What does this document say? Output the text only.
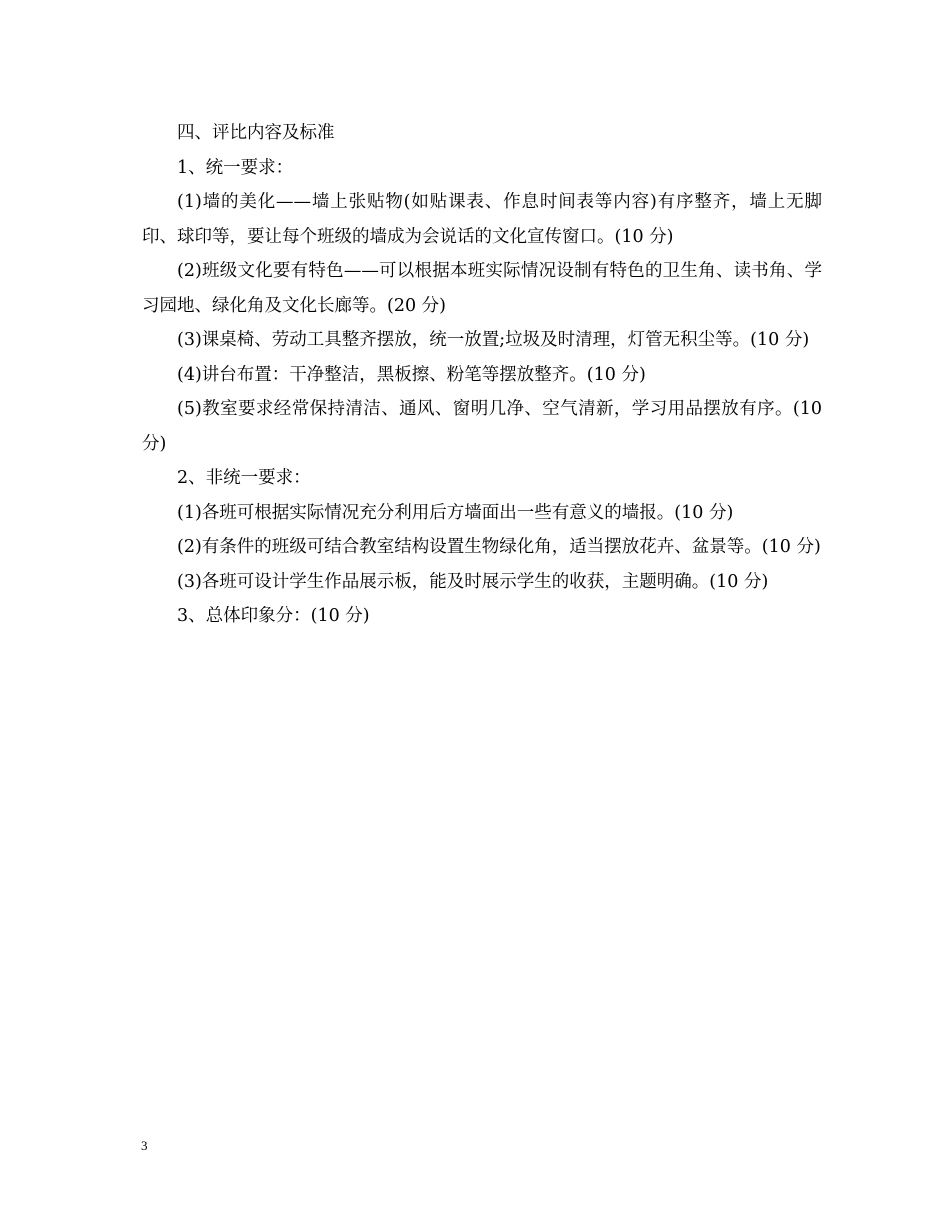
四、评比内容及标准

1、统一要求：

(1)墙的美化——墙上张贴物(如贴课表、作息时间表等内容)有序整齐，墙上无脚印、球印等，要让每个班级的墙成为会说话的文化宣传窗口。(10 分)

(2)班级文化要有特色——可以根据本班实际情况设制有特色的卫生角、读书角、学习园地、绿化角及文化长廊等。(20 分)

(3)课桌椅、劳动工具整齐摆放，统一放置;垃圾及时清理，灯管无积尘等。(10 分)

(4)讲台布置：干净整洁，黑板擦、粉笔等摆放整齐。(10 分)

(5)教室要求经常保持清洁、通风、窗明几净、空气清新，学习用品摆放有序。(10 分)

2、非统一要求：

(1)各班可根据实际情况充分利用后方墙面出一些有意义的墙报。(10 分)

(2)有条件的班级可结合教室结构设置生物绿化角，适当摆放花卉、盆景等。(10 分)

(3)各班可设计学生作品展示板，能及时展示学生的收获，主题明确。(10 分)

3、总体印象分：(10 分)

3
